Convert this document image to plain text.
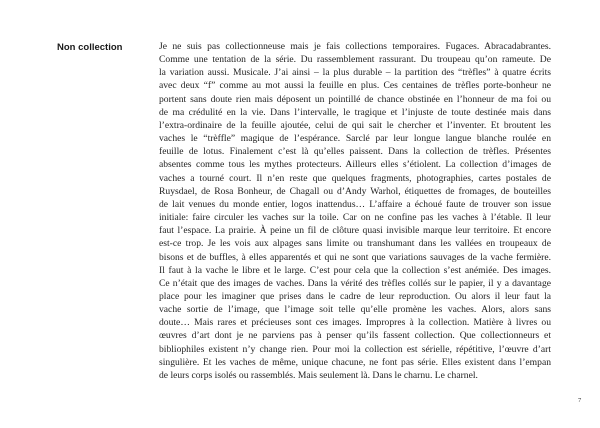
Non collection	Je ne suis pas collectionneuse mais je fais collections temporaires. Fugaces. Abracadabrantes.
Comme une tentation de la série. Du rassemblement rassurant. Du troupeau qu’on rameute. De
la variation aussi. Musicale. J’ai ainsi – la plus durable – la partition des “trèfles” à quatre écrits
avec deux “f” comme au mot aussi la feuille en plus. Ces centaines de trèfles porte-bonheur ne
portent sans doute rien mais déposent un pointillé de chance obstinée en l’honneur de ma foi ou
de ma crédulité en la vie. Dans l’intervalle, le tragique et l’injuste de toute destinée mais dans
l’extra-ordinaire de la feuille ajoutée, celui de qui sait le chercher et l’inventer. Et broutent les
vaches le “trèffle” magique de l’espérance. Sarclé par leur longue langue blanche roulée en
feuille de lotus. Finalement c’est là qu’elles paissent. Dans la collection de trèfles. Présentes
absentes comme tous les mythes protecteurs. Ailleurs elles s’étiolent. La collection d’images de
vaches a tourné court. Il n’en reste que quelques fragments, photographies, cartes postales de
Ruysdael, de Rosa Bonheur, de Chagall ou d’Andy Warhol, étiquettes de fromages, de bouteilles
de lait venues du monde entier, logos inattendus… L’affaire a échoué faute de trouver son issue
initiale: faire circuler les vaches sur la toile. Car on ne confine pas les vaches à l’étable. Il leur
faut l’espace. La prairie. À peine un fil de clôture quasi invisible marque leur territoire. Et encore
est-ce trop. Je les vois aux alpages sans limite ou transhumant dans les vallées en troupeaux de
bisons et de buffles, à elles apparentés et qui ne sont que variations sauvages de la vache fermière.
Il faut à la vache le libre et le large. C’est pour cela que la collection s’est anémiée. Des images.
Ce n’était que des images de vaches. Dans la vérité des trèfles collés sur le papier, il y a davantage
place pour les imaginer que prises dans le cadre de leur reproduction. Ou alors il leur faut la
vache sortie de l’image, que l’image soit telle qu’elle promène les vaches. Alors, alors sans
doute… Mais rares et précieuses sont ces images. Impropres à la collection. Matière à livres ou
œuvres d’art dont je ne parviens pas à penser qu’ils fassent collection. Que collectionneurs et
bibliophiles existent n’y change rien. Pour moi la collection est sérielle, répétitive, l’œuvre d’art
singulière. Et les vaches de même, unique chacune, ne font pas série. Elles existent dans l’empan
de leurs corps isolés ou rassemblés. Mais seulement là. Dans le charnu. Le charnel.
7
